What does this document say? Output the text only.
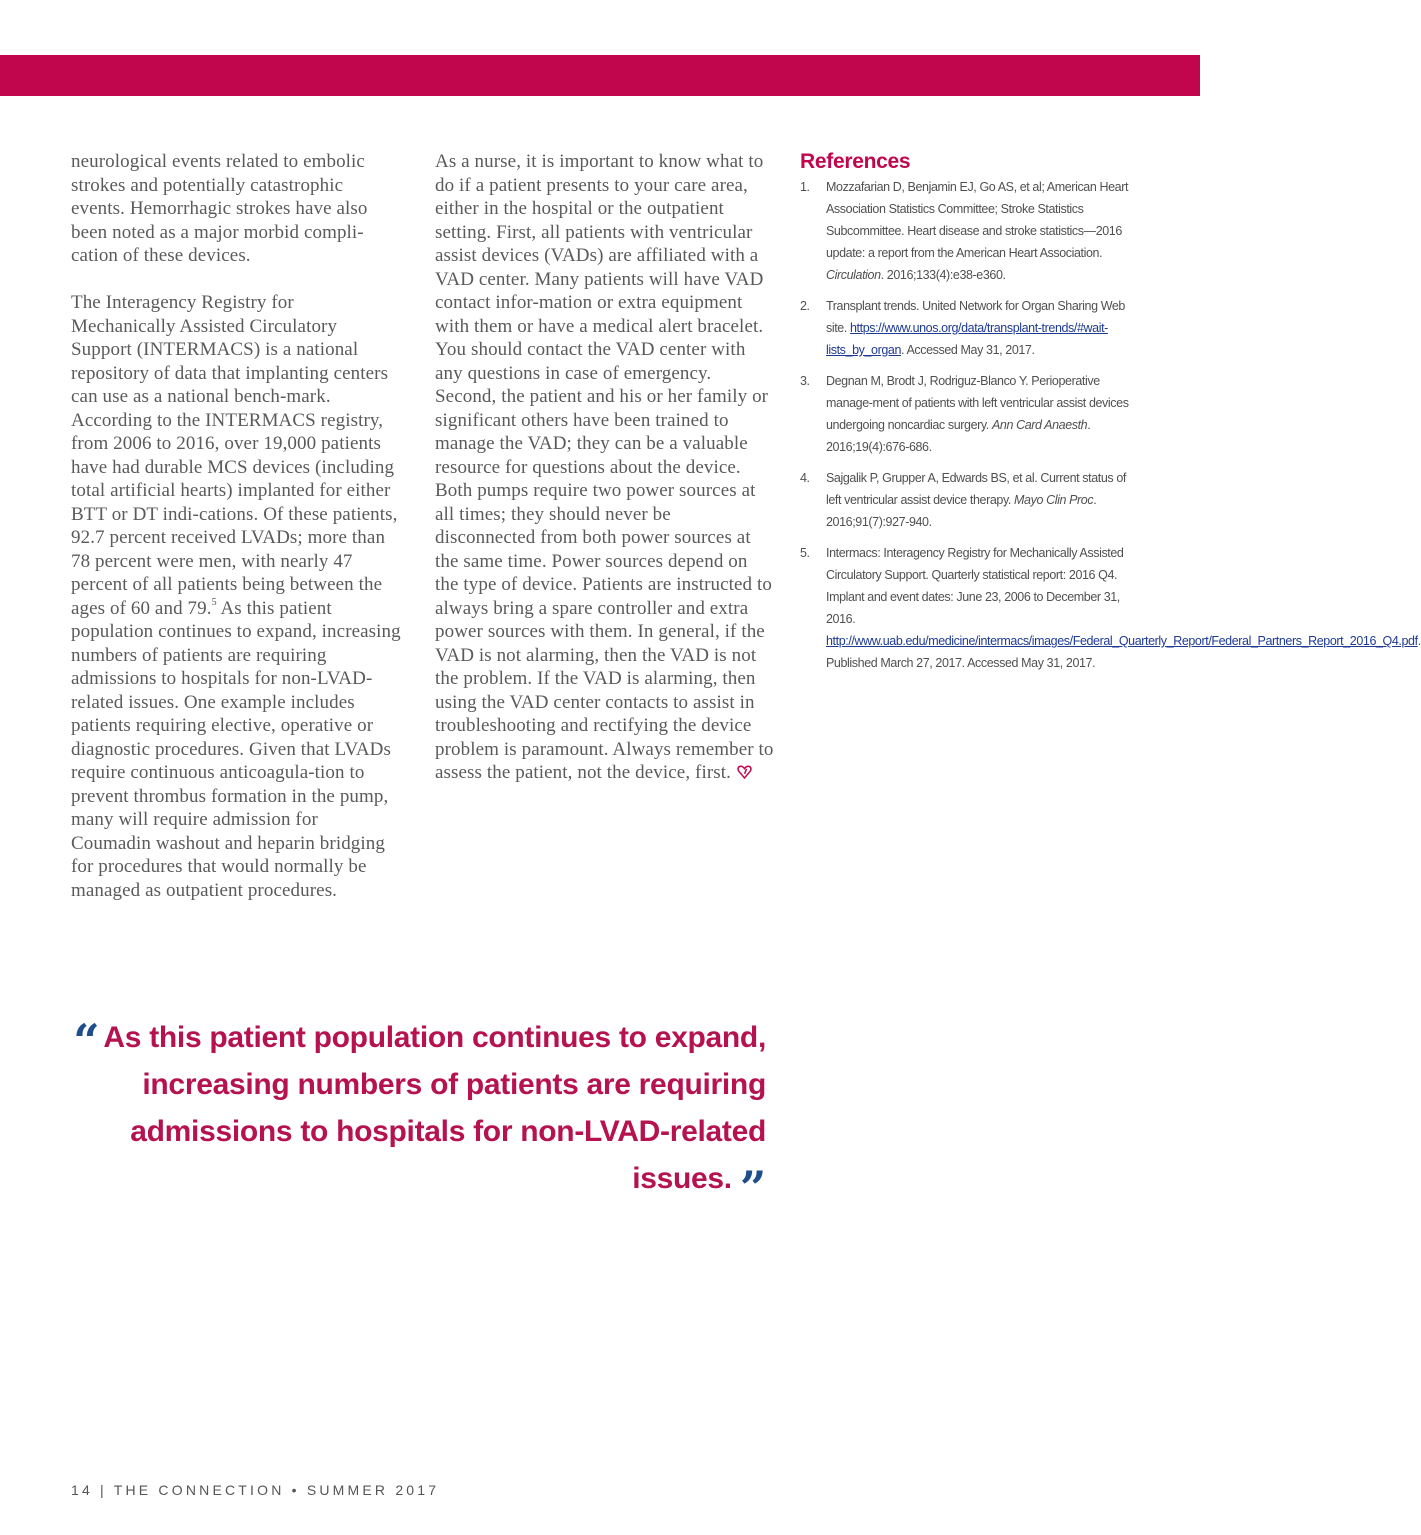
neurological events related to embolic strokes and potentially catastrophic events. Hemorrhagic strokes have also been noted as a major morbid compli-cation of these devices.

The Interagency Registry for Mechanically Assisted Circulatory Support (INTERMACS) is a national repository of data that implanting centers can use as a national bench-mark. According to the INTERMACS registry, from 2006 to 2016, over 19,000 patients have had durable MCS devices (including total artificial hearts) implanted for either BTT or DT indi-cations. Of these patients, 92.7 percent received LVADs; more than 78 percent were men, with nearly 47 percent of all patients being between the ages of 60 and 79.$^5$ As this patient population continues to expand, increasing numbers of patients are requiring admissions to hospitals for non-LVAD-related issues. One example includes patients requiring elective, operative or diagnostic procedures. Given that LVADs require continuous anticoagula-tion to prevent thrombus formation in the pump, many will require admission for Coumadin washout and heparin bridging for procedures that would normally be managed as outpatient procedures.

As a nurse, it is important to know what to do if a patient presents to your care area, either in the hospital or the outpatient setting. First, all patients with ventricular assist devices (VADs) are affiliated with a VAD center. Many patients will have VAD contact infor-mation or extra equipment with them or have a medical alert bracelet. You should contact the VAD center with any questions in case of emergency. Second, the patient and his or her family or significant others have been trained to manage the VAD; they can be a valuable resource for questions about the device. Both pumps require two power sources at all times; they should never be disconnected from both power sources at the same time. Power sources depend on the type of device. Patients are instructed to always bring a spare controller and extra power sources with them. In general, if the VAD is not alarming, then the VAD is not the problem. If the VAD is alarming, then using the VAD center contacts to assist in troubleshooting and rectifying the device problem is paramount. Always remember to assess the patient, not the device, first.

References
1. Mozzafarian D, Benjamin EJ, Go AS, et al; American Heart Association Statistics Committee; Stroke Statistics Subcommittee. Heart disease and stroke statistics—2016 update: a report from the American Heart Association. Circulation. 2016;133(4):e38-e360.
2. Transplant trends. United Network for Organ Sharing Web site. https://www.unos.org/data/transplant-trends/#wait-lists_by_organ. Accessed May 31, 2017.
3. Degnan M, Brodt J, Rodriguz-Blanco Y. Perioperative manage-ment of patients with left ventricular assist devices undergoing noncardiac surgery. Ann Card Anaesth. 2016;19(4):676-686.
4. Sajgalik P, Grupper A, Edwards BS, et al. Current status of left ventricular assist device therapy. Mayo Clin Proc. 2016;91(7):927-940.
5. Intermacs: Interagency Registry for Mechanically Assisted Circulatory Support. Quarterly statistical report: 2016 Q4. Implant and event dates: June 23, 2006 to December 31, 2016. http://www.uab.edu/medicine/intermacs/images/Federal_Quarterly_Report/Federal_Partners_Report_2016_Q4.pdf. Published March 27, 2017. Accessed May 31, 2017.
“ As this patient population continues to expand, increasing numbers of patients are requiring admissions to hospitals for non-LVAD-related issues. ”
14 | THE CONNECTION • SUMMER 2017
